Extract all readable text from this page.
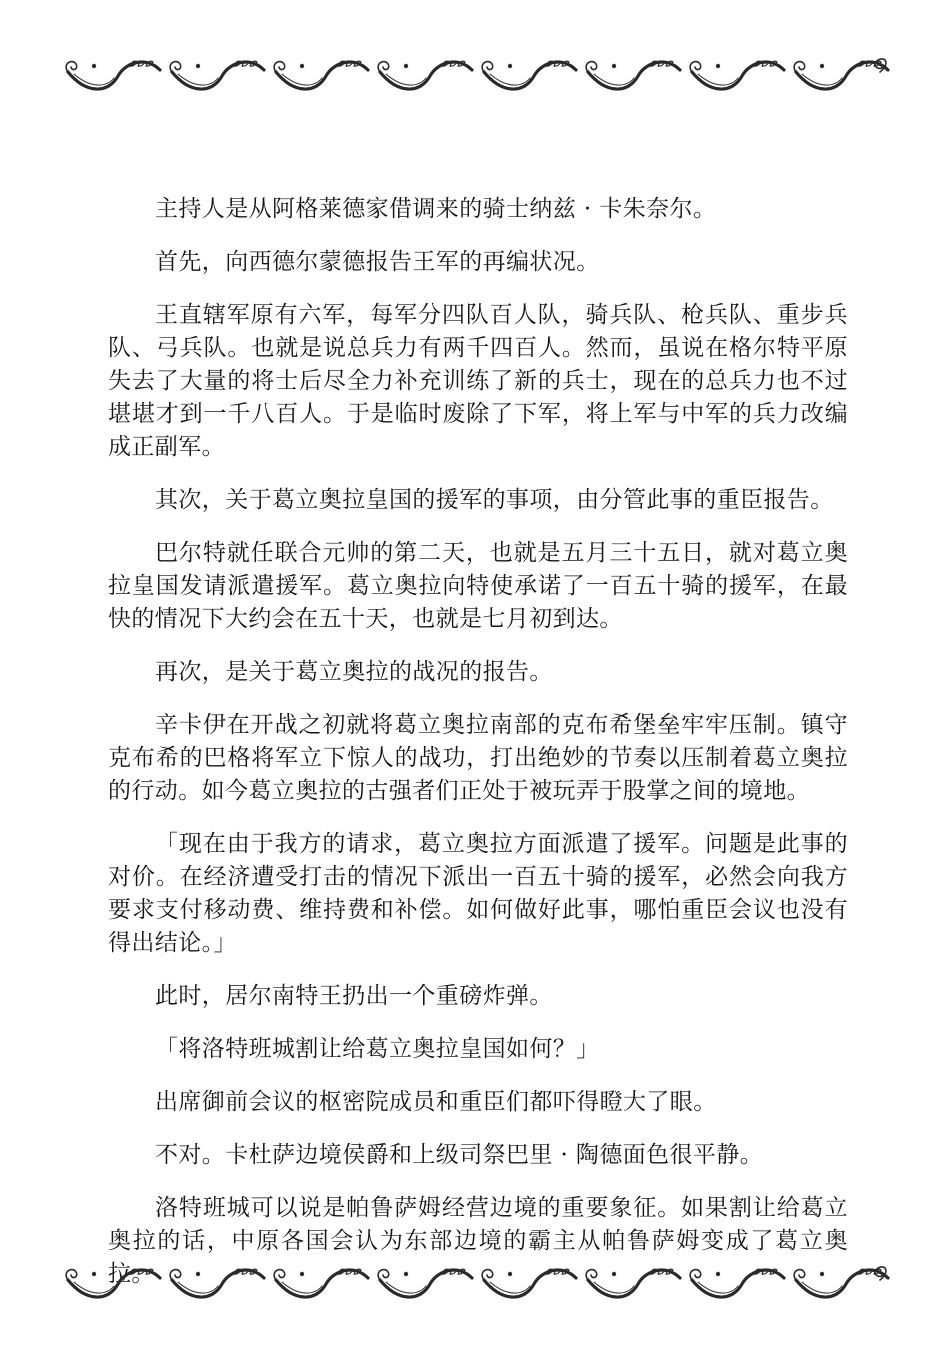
主持人是从阿格莱德家借调来的骑士纳兹 · 卡朱奈尔。

首先，向西德尔蒙德报告王军的再编状况。

王直辖军原有六军，每军分四队百人队，骑兵队、枪兵队、重步兵队、弓兵队。也就是说总兵力有两千四百人。然而，虽说在格尔特平原失去了大量的将士后尽全力补充训练了新的兵士，现在的总兵力也不过堪堪才到一千八百人。于是临时废除了下军，将上军与中军的兵力改编成正副军。

其次，关于葛立奥拉皇国的援军的事项，由分管此事的重臣报告。

巴尔特就任联合元帅的第二天，也就是五月三十五日，就对葛立奥拉皇国发请派遣援军。葛立奥拉向特使承诺了一百五十骑的援军，在最快的情况下大约会在五十天，也就是七月初到达。

再次，是关于葛立奥拉的战况的报告。

辛卡伊在开战之初就将葛立奥拉南部的克布希堡垒牢牢压制。镇守克布希的巴格将军立下惊人的战功，打出绝妙的节奏以压制着葛立奥拉的行动。如今葛立奥拉的古强者们正处于被玩弄于股掌之间的境地。

「现在由于我方的请求，葛立奥拉方面派遣了援军。问题是此事的对价。在经济遭受打击的情况下派出一百五十骑的援军，必然会向我方要求支付移动费、维持费和补偿。如何做好此事，哪怕重臣会议也没有得出结论。」

此时，居尔南特王扔出一个重磅炸弹。

「将洛特班城割让给葛立奥拉皇国如何？」

出席御前会议的枢密院成员和重臣们都吓得瞪大了眼。

不对。卡杜萨边境侯爵和上级司祭巴里 · 陶德面色很平静。

洛特班城可以说是帕鲁萨姆经营边境的重要象征。如果割让给葛立奥拉的话，中原各国会认为东部边境的霸主从帕鲁萨姆变成了葛立奥拉。
